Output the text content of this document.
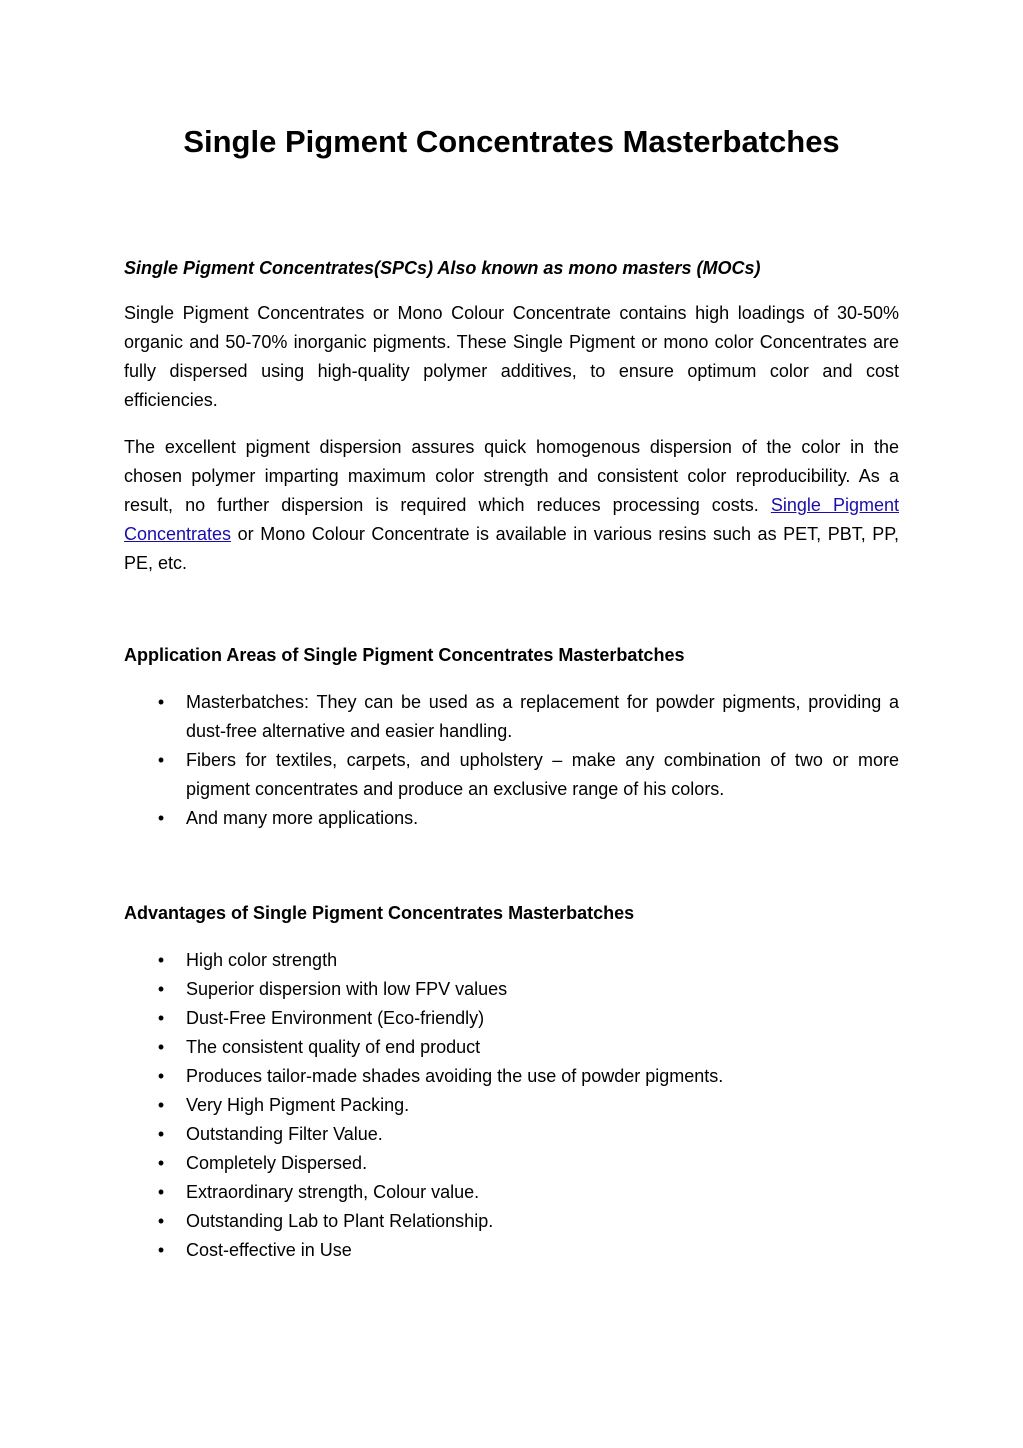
Single Pigment Concentrates Masterbatches
Single Pigment Concentrates(SPCs) Also known as mono masters (MOCs)

Single Pigment Concentrates or Mono Colour Concentrate contains high loadings of 30-50% organic and 50-70% inorganic pigments. These Single Pigment or mono color Concentrates are fully dispersed using high-quality polymer additives, to ensure optimum color and cost efficiencies.

The excellent pigment dispersion assures quick homogenous dispersion of the color in the chosen polymer imparting maximum color strength and consistent color reproducibility. As a result, no further dispersion is required which reduces processing costs. Single Pigment Concentrates or Mono Colour Concentrate is available in various resins such as PET, PBT, PP, PE, etc.

Application Areas of Single Pigment Concentrates Masterbatches
• Masterbatches: They can be used as a replacement for powder pigments, providing a dust-free alternative and easier handling.
• Fibers for textiles, carpets, and upholstery – make any combination of two or more pigment concentrates and produce an exclusive range of his colors.
• And many more applications.
Advantages of Single Pigment Concentrates Masterbatches
• High color strength
• Superior dispersion with low FPV values
• Dust-Free Environment (Eco-friendly)
• The consistent quality of end product
• Produces tailor-made shades avoiding the use of powder pigments.
• Very High Pigment Packing.
• Outstanding Filter Value.
• Completely Dispersed.
• Extraordinary strength, Colour value.
• Outstanding Lab to Plant Relationship.
• Cost-effective in Use
